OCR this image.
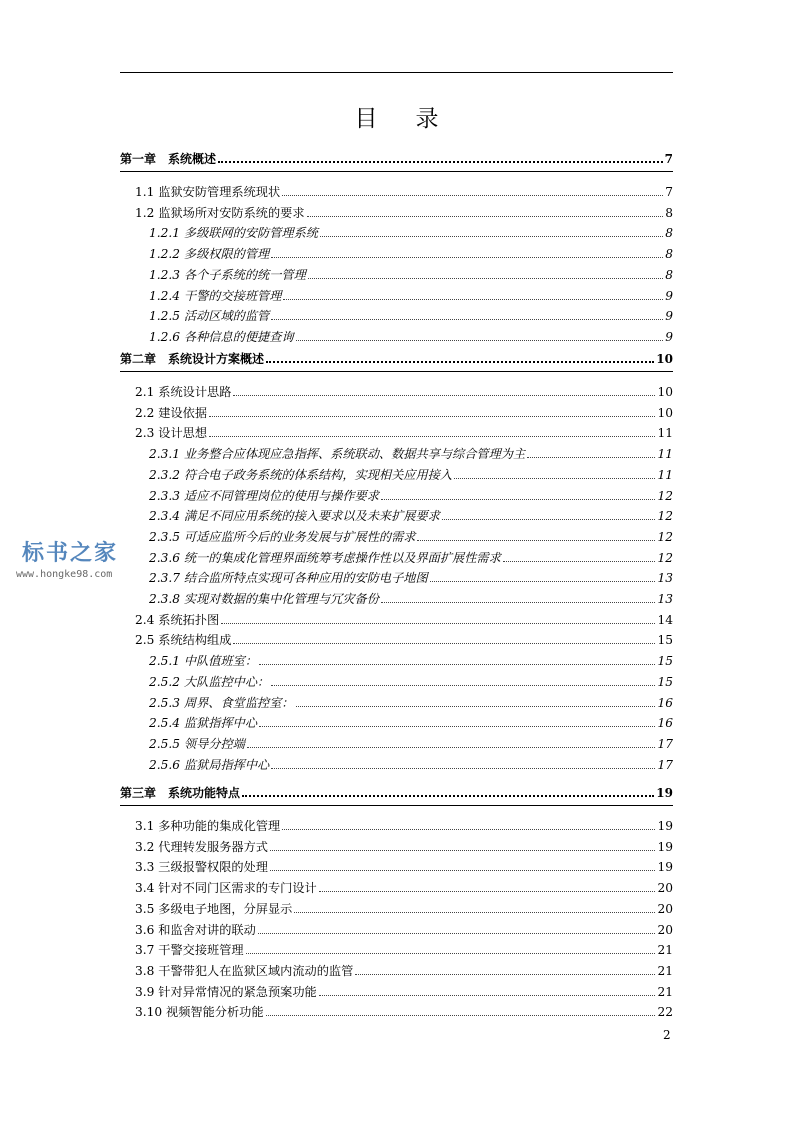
目录
第一章　系统概述	7
1.1 监狱安防管理系统现状	7
1.2 监狱场所对安防系统的要求	8
1.2.1 多级联网的安防管理系统	8
1.2.2 多级权限的管理	8
1.2.3 各个子系统的统一管理	8
1.2.4 干警的交接班管理	9
1.2.5 活动区域的监管	9
1.2.6 各种信息的便捷查询	9
第二章　系统设计方案概述	10
2.1 系统设计思路	10
2.2 建设依据	10
2.3 设计思想	11
2.3.1 业务整合应体现应急指挥、系统联动、数据共享与综合管理为主	11
2.3.2 符合电子政务系统的体系结构，实现相关应用接入	11
2.3.3 适应不同管理岗位的使用与操作要求	12
2.3.4 满足不同应用系统的接入要求以及未来扩展要求	12
2.3.5 可适应监所今后的业务发展与扩展性的需求	12
2.3.6 统一的集成化管理界面统筹考虑操作性以及界面扩展性需求	12
2.3.7 结合监所特点实现可各种应用的安防电子地图	13
2.3.8 实现对数据的集中化管理与冗灾备份	13
2.4 系统拓扑图	14
2.5 系统结构组成	15
2.5.1 中队值班室：	15
2.5.2 大队监控中心：	15
2.5.3 周界、食堂监控室：	16
2.5.4 监狱指挥中心	16
2.5.5 领导分控端	17
2.5.6 监狱局指挥中心	17
第三章　系统功能特点	19
3.1 多种功能的集成化管理	19
3.2 代理转发服务器方式	19
3.3 三级报警权限的处理	19
3.4 针对不同门区需求的专门设计	20
3.5 多级电子地图，分屏显示	20
3.6 和监舍对讲的联动	20
3.7 干警交接班管理	21
3.8 干警带犯人在监狱区域内流动的监管	21
3.9 针对异常情况的紧急预案功能	21
3.10 视频智能分析功能	22
标书之家
www.hongke98.com
2
